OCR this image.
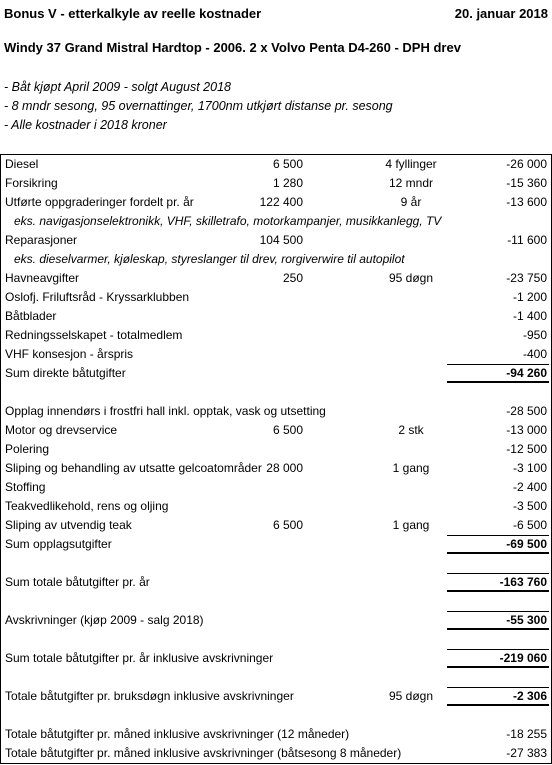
Bonus V - etterkalkyle av reelle kostnader	20. januar 2018
Windy 37 Grand Mistral Hardtop - 2006. 2 x Volvo Penta D4-260 - DPH drev
- Båt kjøpt April 2009 - solgt August 2018
- 8 mndr sesong, 95 overnattinger, 1700nm utkjørt distanse pr. sesong
- Alle kostnader i 2018 kroner
Diesel	6 500	4 fyllinger	-26 000
Forsikring	1 280	12 mndr	-15 360
Utførte oppgraderinger fordelt pr. år	122 400	9 år	-13 600
eks. navigasjonselektronikk, VHF, skilletrafo, motorkampanjer, musikkanlegg, TV
Reparasjoner	104 500	-11 600
eks. dieselvarmer, kjøleskap, styreslanger til drev, rorgiverwire til autopilot
Havneavgifter	250	95 døgn	-23 750
Oslofj. Friluftsråd - Kryssarklubben	-1 200
Båtblader	-1 400
Redningsselskapet - totalmedlem	-950
VHF konsesjon - årspris	-400
Sum direkte båtutgifter	-94 260
Opplag innendørs i frostfri hall inkl. opptak, vask og utsetting	-28 500
Motor og drevservice	6 500	2 stk	-13 000
Polering	-12 500
Sliping og behandling av utsatte gelcoatområder 28 000	1 gang	-3 100
Stoffing	-2 400
Teakvedlikehold, rens og oljing	-3 500
Sliping av utvendig teak	6 500	1 gang	-6 500
Sum opplagsutgifter	-69 500
Sum totale båtutgifter pr. år	-163 760
Avskrivninger (kjøp 2009 - salg 2018)	-55 300
Sum totale båtutgifter pr. år inklusive avskrivninger	-219 060
Totale båtutgifter pr. bruksdøgn inklusive avskrivninger	95 døgn	-2 306
Totale båtutgifter pr. måned inklusive avskrivninger (12 måneder)	-18 255
Totale båtutgifter pr. måned inklusive avskrivninger (båtsesong 8 måneder)	-27 383
